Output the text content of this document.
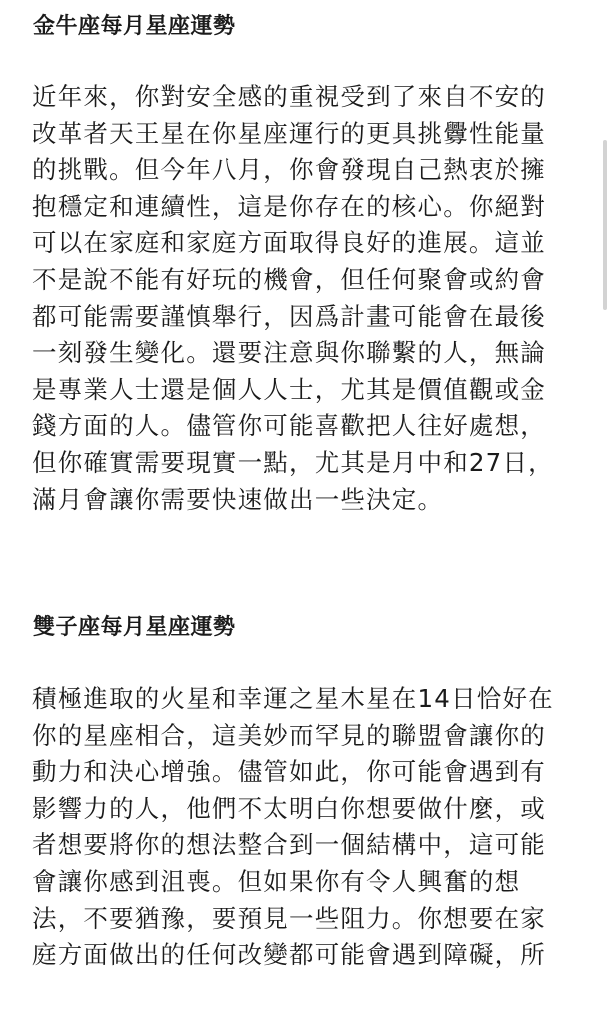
金牛座每月星座運勢
近年來，你對安全感的重視受到了來自不安的
改革者天王星在你星座運行的更具挑釁性能量
的挑戰。但今年八月，你會發現自己熱衷於擁
抱穩定和連續性，這是你存在的核心。你絕對
可以在家庭和家庭方面取得良好的進展。這並
不是說不能有好玩的機會，但任何聚會或約會
都可能需要謹慎舉行，因爲計畫可能會在最後
一刻發生變化。還要注意與你聯繫的人，無論
是專業人士還是個人人士，尤其是價值觀或金
錢方面的人。儘管你可能喜歡把人往好處想，
但你確實需要現實一點，尤其是月中和27日，
滿月會讓你需要快速做出一些決定。
雙子座每月星座運勢
積極進取的火星和幸運之星木星在14日恰好在
你的星座相合，這美妙而罕見的聯盟會讓你的
動力和決心增強。儘管如此，你可能會遇到有
影響力的人，他們不太明白你想要做什麼，或
者想要將你的想法整合到一個結構中，這可能
會讓你感到沮喪。但如果你有令人興奮的想
法，不要猶豫，要預見一些阻力。你想要在家
庭方面做出的任何改變都可能會遇到障礙，所
